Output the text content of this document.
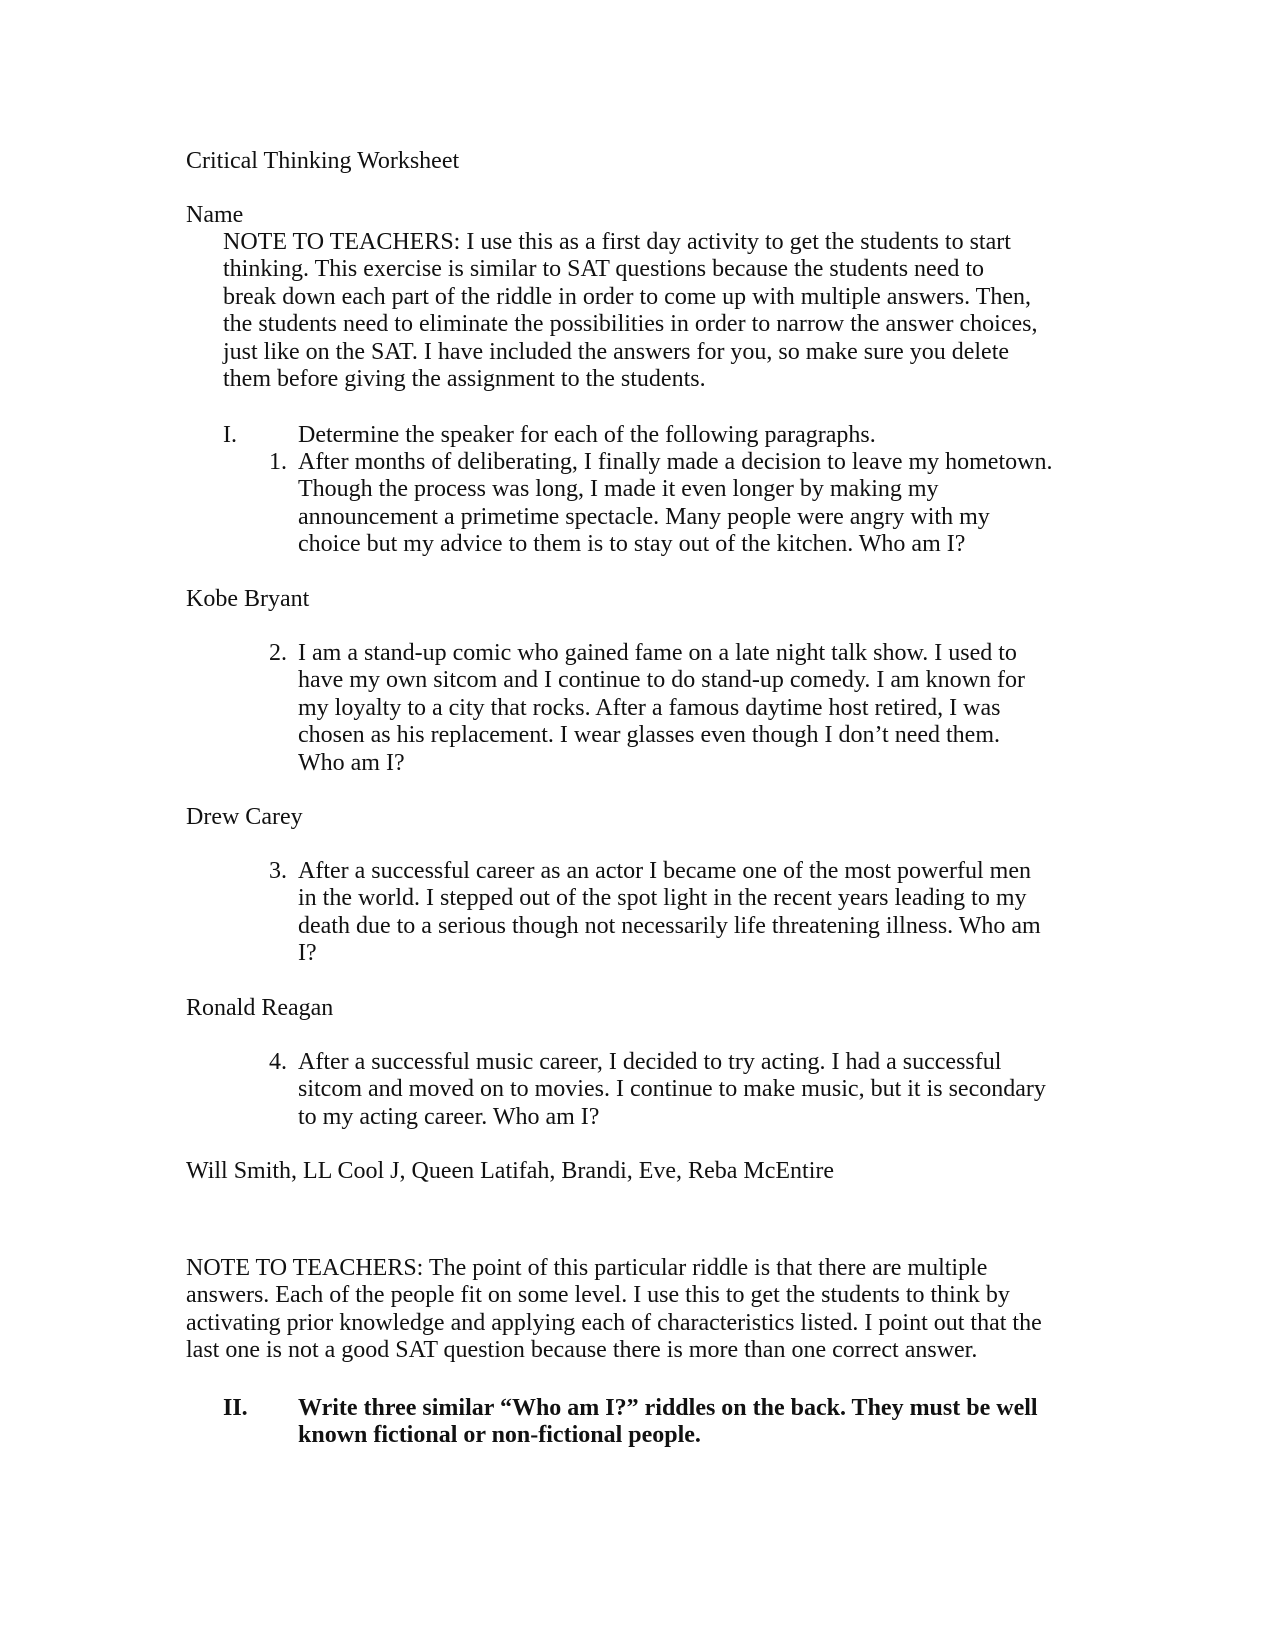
Critical Thinking Worksheet
Name
NOTE TO TEACHERS: I use this as a first day activity to get the students to start
thinking. This exercise is similar to SAT questions because the students need to
break down each part of the riddle in order to come up with multiple answers. Then,
the students need to eliminate the possibilities in order to narrow the answer choices,
just like on the SAT. I have included the answers for you, so make sure you delete
them before giving the assignment to the students.
I.	Determine the speaker for each of the following paragraphs.
1. After months of deliberating, I finally made a decision to leave my hometown.
Though the process was long, I made it even longer by making my
announcement a primetime spectacle. Many people were angry with my
choice but my advice to them is to stay out of the kitchen. Who am I?
Kobe Bryant
2. I am a stand-up comic who gained fame on a late night talk show. I used to
have my own sitcom and I continue to do stand-up comedy. I am known for
my loyalty to a city that rocks. After a famous daytime host retired, I was
chosen as his replacement. I wear glasses even though I don’t need them.
Who am I?
Drew Carey
3. After a successful career as an actor I became one of the most powerful men
in the world. I stepped out of the spot light in the recent years leading to my
death due to a serious though not necessarily life threatening illness. Who am
I?
Ronald Reagan
4. After a successful music career, I decided to try acting. I had a successful
sitcom and moved on to movies. I continue to make music, but it is secondary
to my acting career. Who am I?
Will Smith, LL Cool J, Queen Latifah, Brandi, Eve, Reba McEntire
NOTE TO TEACHERS: The point of this particular riddle is that there are multiple
answers. Each of the people fit on some level. I use this to get the students to think by
activating prior knowledge and applying each of characteristics listed. I point out that the
last one is not a good SAT question because there is more than one correct answer.
II. Write three similar “Who am I?” riddles on the back. They must be well
known fictional or non-fictional people.
